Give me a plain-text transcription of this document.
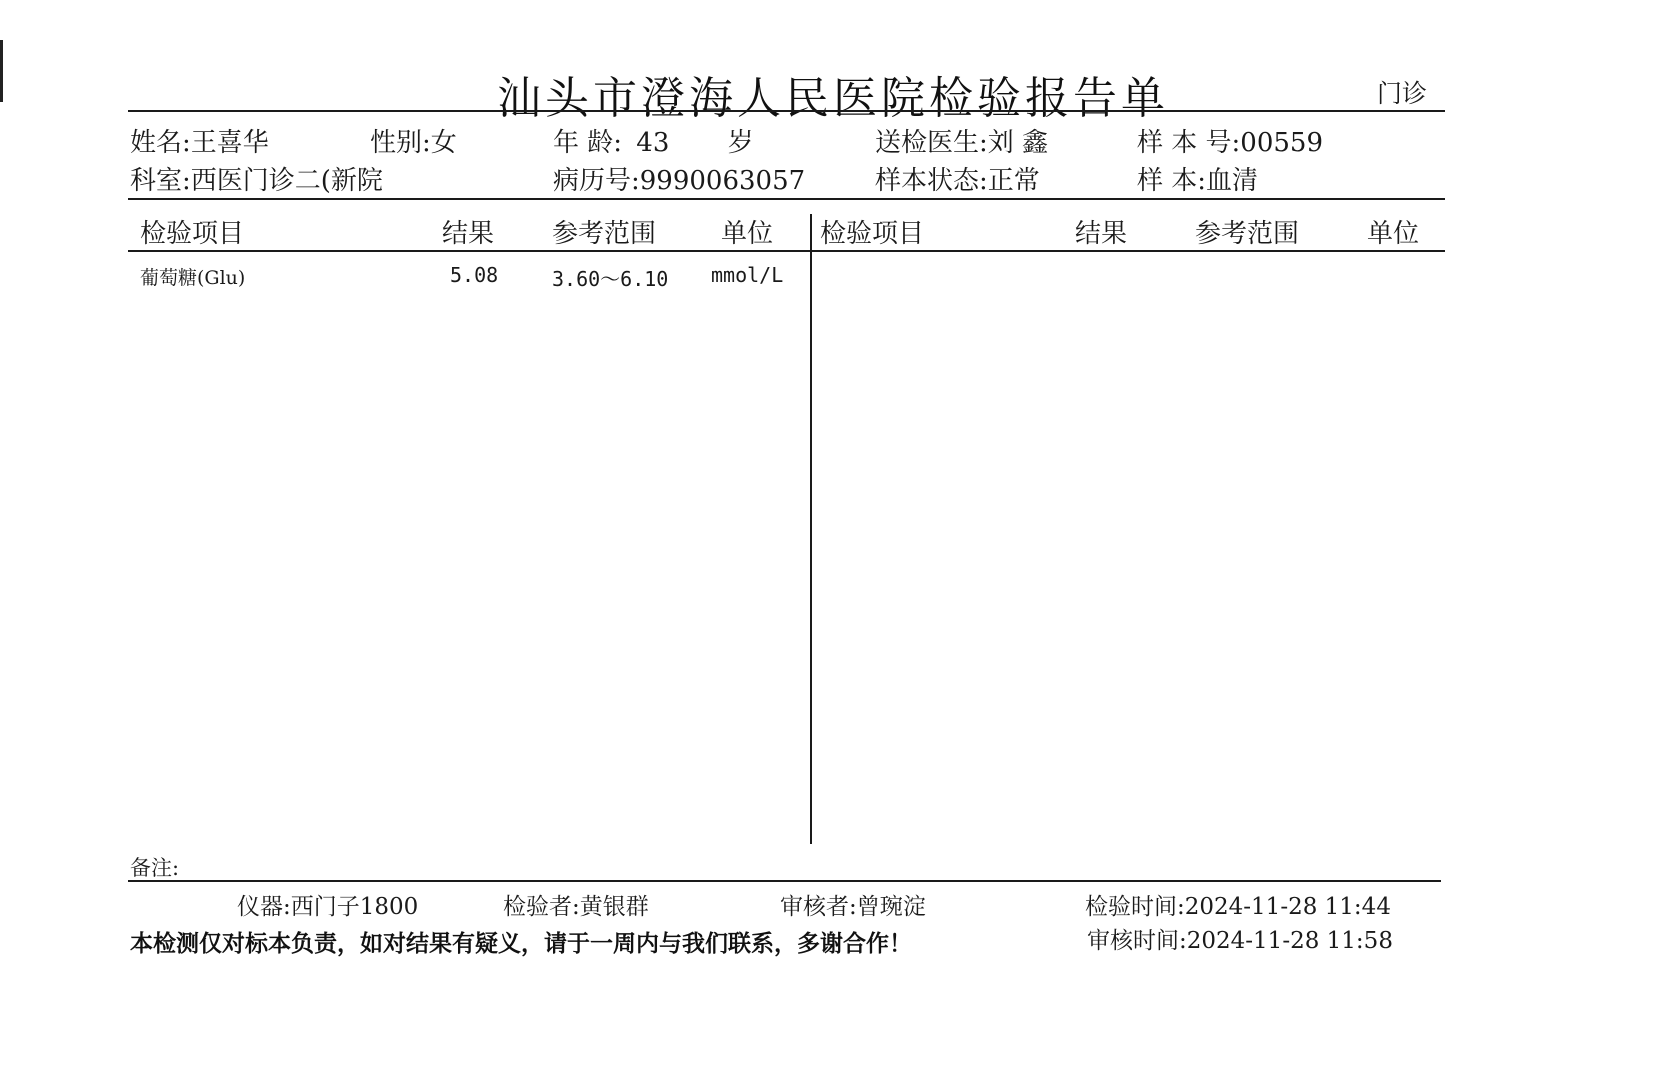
汕头市澄海人民医院检验报告单	门诊
姓名:王喜华	性别:女	年 龄: 43 岁	送检医生:刘 鑫	样 本 号:00559
科室:西医门诊二(新院	病历号:9990063057	样本状态:正常	样 本:血清
检验项目	结果 参考范围 单位 检验项目	结果	参考范围	单位
葡萄糖(Glu)	5.08	3.60～6.10 mmol/L
备注:
仪器:西门子1800	检验者:黄银群	审核者:曾琬淀	检验时间:2024-11-28 11:44
本检测仅对标本负责，如对结果有疑义，请于一周内与我们联系，多谢合作！	审核时间:2024-11-28 11:58
